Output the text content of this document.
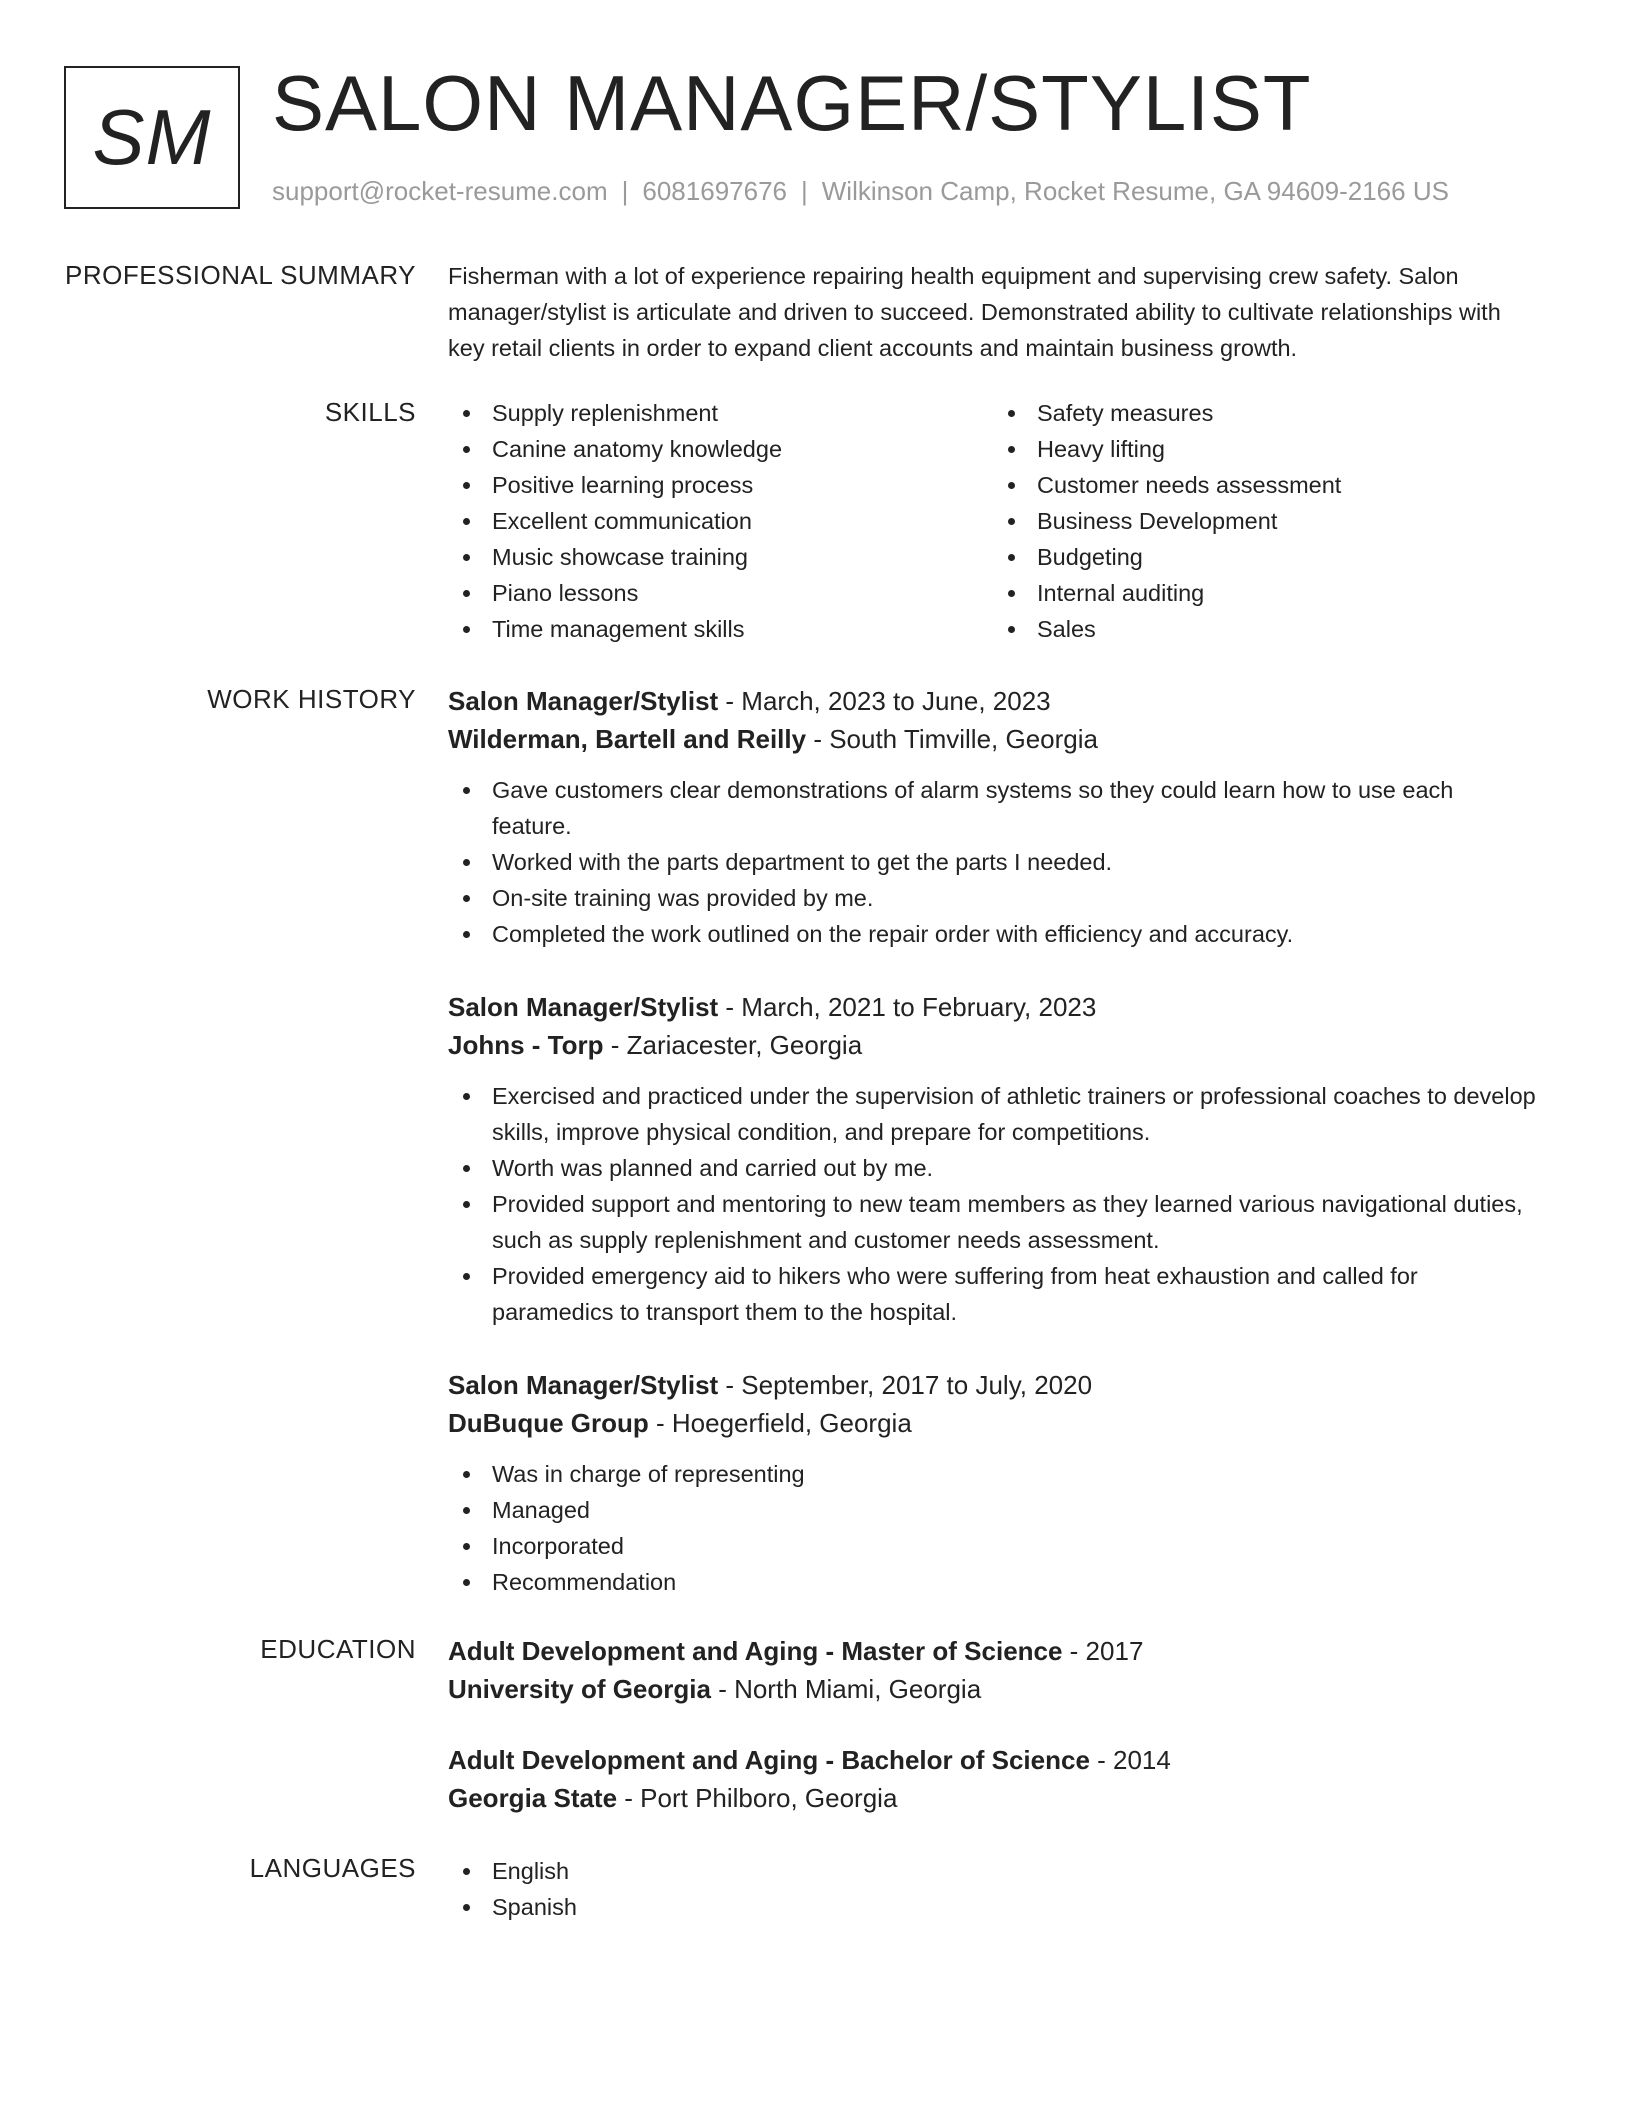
SM SALON MANAGER/STYLIST
support@rocket-resume.com | 6081697676 | Wilkinson Camp, Rocket Resume, GA 94609-2166 US
PROFESSIONAL SUMMARY Fisherman with a lot of experience repairing health equipment and supervising crew safety. Salon manager/stylist is articulate and driven to succeed. Demonstrated ability to cultivate relationships with key retail clients in order to expand client accounts and maintain business growth.
SKILLS	Supply replenishment
Canine anatomy knowledge
Positive learning process
Excellent communication
Music showcase training
Piano lessons
Time management skills
Safety measures
Heavy lifting
Customer needs assessment
Business Development
Budgeting
Internal auditing
Sales
WORK HISTORY Salon Manager/Stylist - March, 2023 to June, 2023
Wilderman, Bartell and Reilly - South Timville, Georgia
Gave customers clear demonstrations of alarm systems so they could learn how to use each feature.
Worked with the parts department to get the parts I needed.
On-site training was provided by me.
Completed the work outlined on the repair order with efficiency and accuracy.
Salon Manager/Stylist - March, 2021 to February, 2023
Johns - Torp - Zariacester, Georgia
Exercised and practiced under the supervision of athletic trainers or professional coaches to develop skills, improve physical condition, and prepare for competitions.
Worth was planned and carried out by me.
Provided support and mentoring to new team members as they learned various navigational duties, such as supply replenishment and customer needs assessment.
Provided emergency aid to hikers who were suffering from heat exhaustion and called for paramedics to transport them to the hospital.
Salon Manager/Stylist - September, 2017 to July, 2020
DuBuque Group - Hoegerfield, Georgia
Was in charge of representing
Managed
Incorporated
Recommendation
EDUCATION Adult Development and Aging - Master of Science - 2017
University of Georgia - North Miami, Georgia
Adult Development and Aging - Bachelor of Science - 2014
Georgia State - Port Philboro, Georgia
LANGUAGES	English
Spanish
